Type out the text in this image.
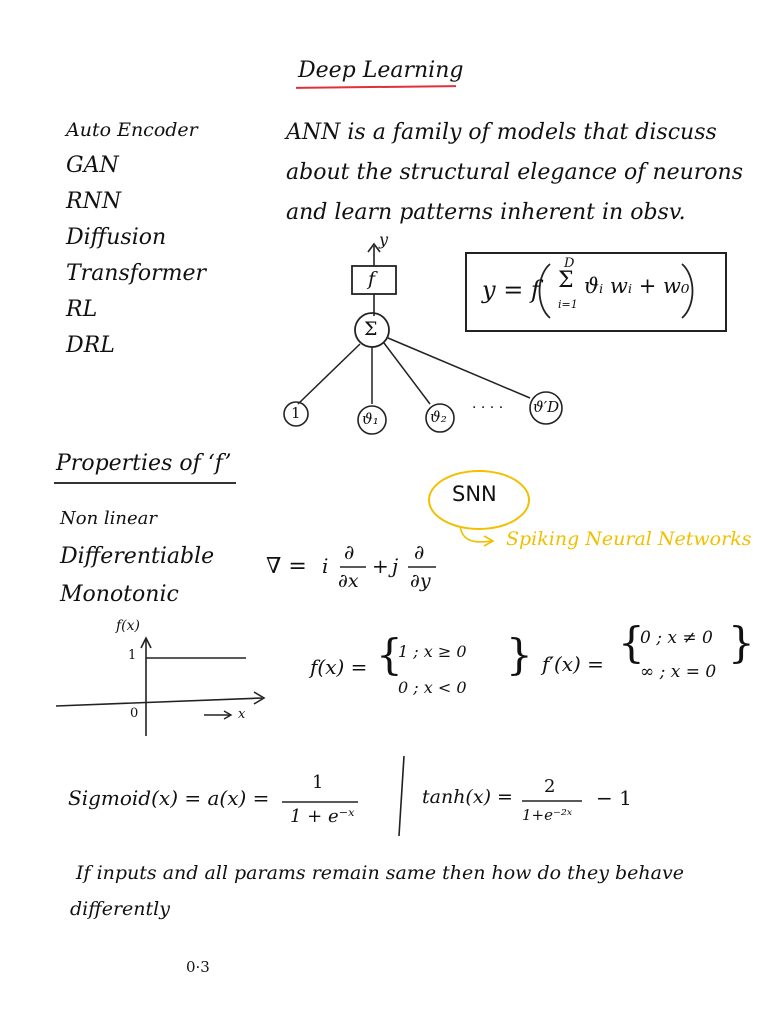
Deep Learning
Auto Encoder
GAN
RNN
Diffusion
Transformer
RL
DRL
ANN is a family of models that discuss
about the structural elegance of neurons
and learn patterns inherent in obsv.
y
f
Σ
1	ϑ₁	ϑ₂
ϑ′D
· · · ·
y = f
D
Σ
i=1
ϑᵢ wᵢ + w₀
Properties of ‘f’
Non linear
Differentiable
Monotonic
SNN
Spiking Neural Networks
∇ = i
∂
∂x
+ j
∂
∂y
f(x)
1
0	x
f(x) = {
1 ; x ≥ 0
0 ; x < 0
} f′(x) = {
0 ; x ≠ 0
∞ ; x = 0
}
Sigmoid(x) = a(x) =
1
1 + e⁻ˣ
tanh(x) = 2
1+e⁻²ˣ
− 1
If inputs and all params remain same then how do they behave
differently
0·3
